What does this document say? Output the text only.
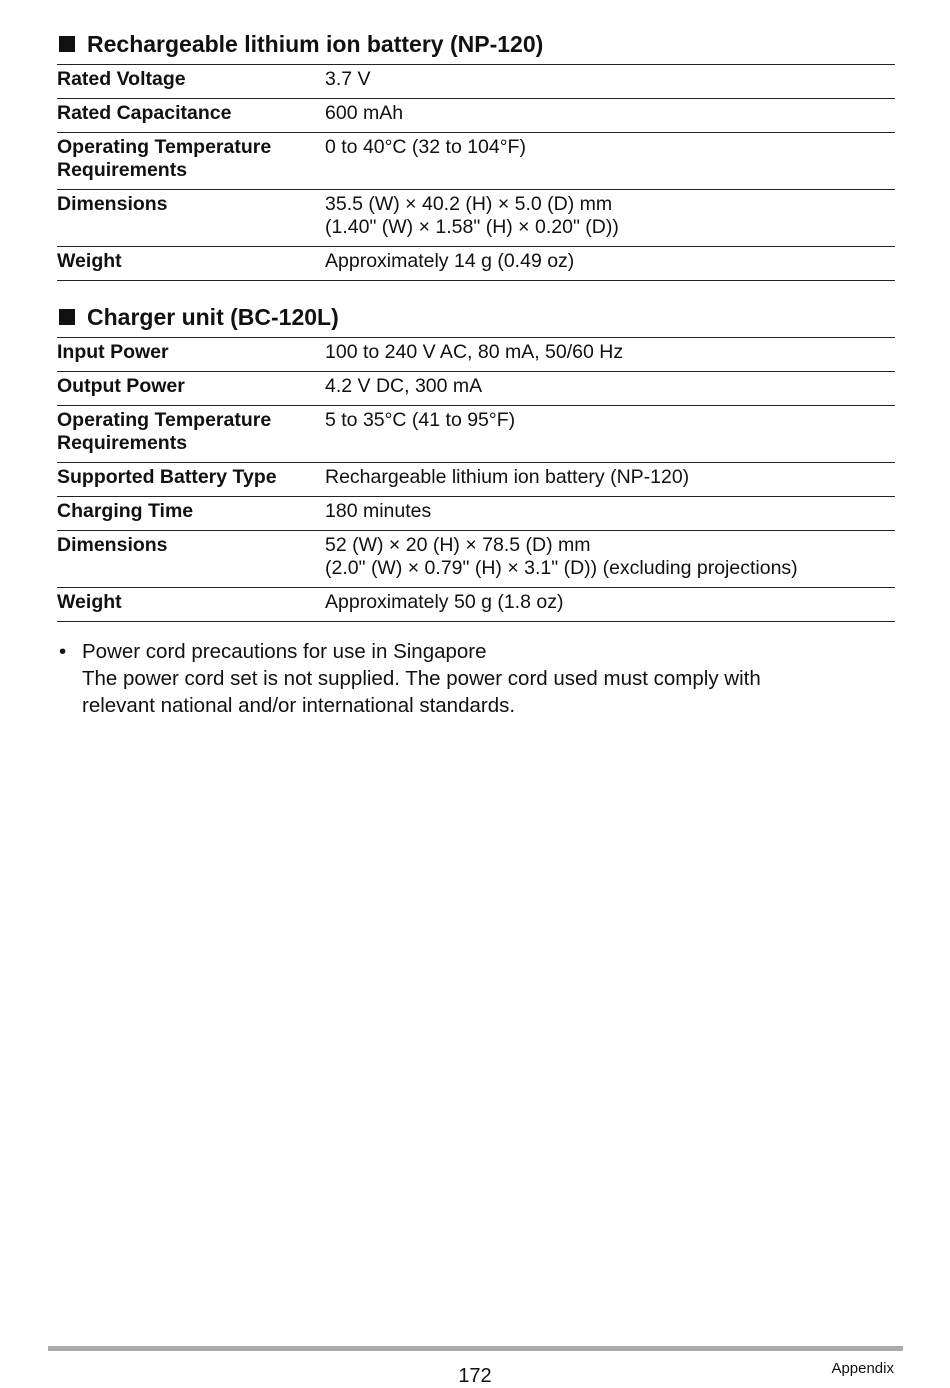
Rechargeable lithium ion battery (NP-120)
Rated Voltage	3.7 V
Rated Capacitance	600 mAh
Operating Temperature
Requirements	0 to 40°C (32 to 104°F)
Dimensions	35.5 (W) × 40.2 (H) × 5.0 (D) mm
(1.40" (W) × 1.58" (H) × 0.20" (D))
Weight	Approximately 14 g (0.49 oz)
Charger unit (BC-120L)
Input Power	100 to 240 V AC, 80 mA, 50/60 Hz
Output Power	4.2 V DC, 300 mA
Operating Temperature
Requirements	5 to 35°C (41 to 95°F)
Supported Battery Type	Rechargeable lithium ion battery (NP-120)
Charging Time	180 minutes
Dimensions	52 (W) × 20 (H) × 78.5 (D) mm
(2.0" (W) × 0.79" (H) × 3.1" (D)) (excluding projections)
Weight	Approximately 50 g (1.8 oz)
• Power cord precautions for use in Singapore
The power cord set is not supplied. The power cord used must comply with
relevant national and/or international standards.
172	Appendix
